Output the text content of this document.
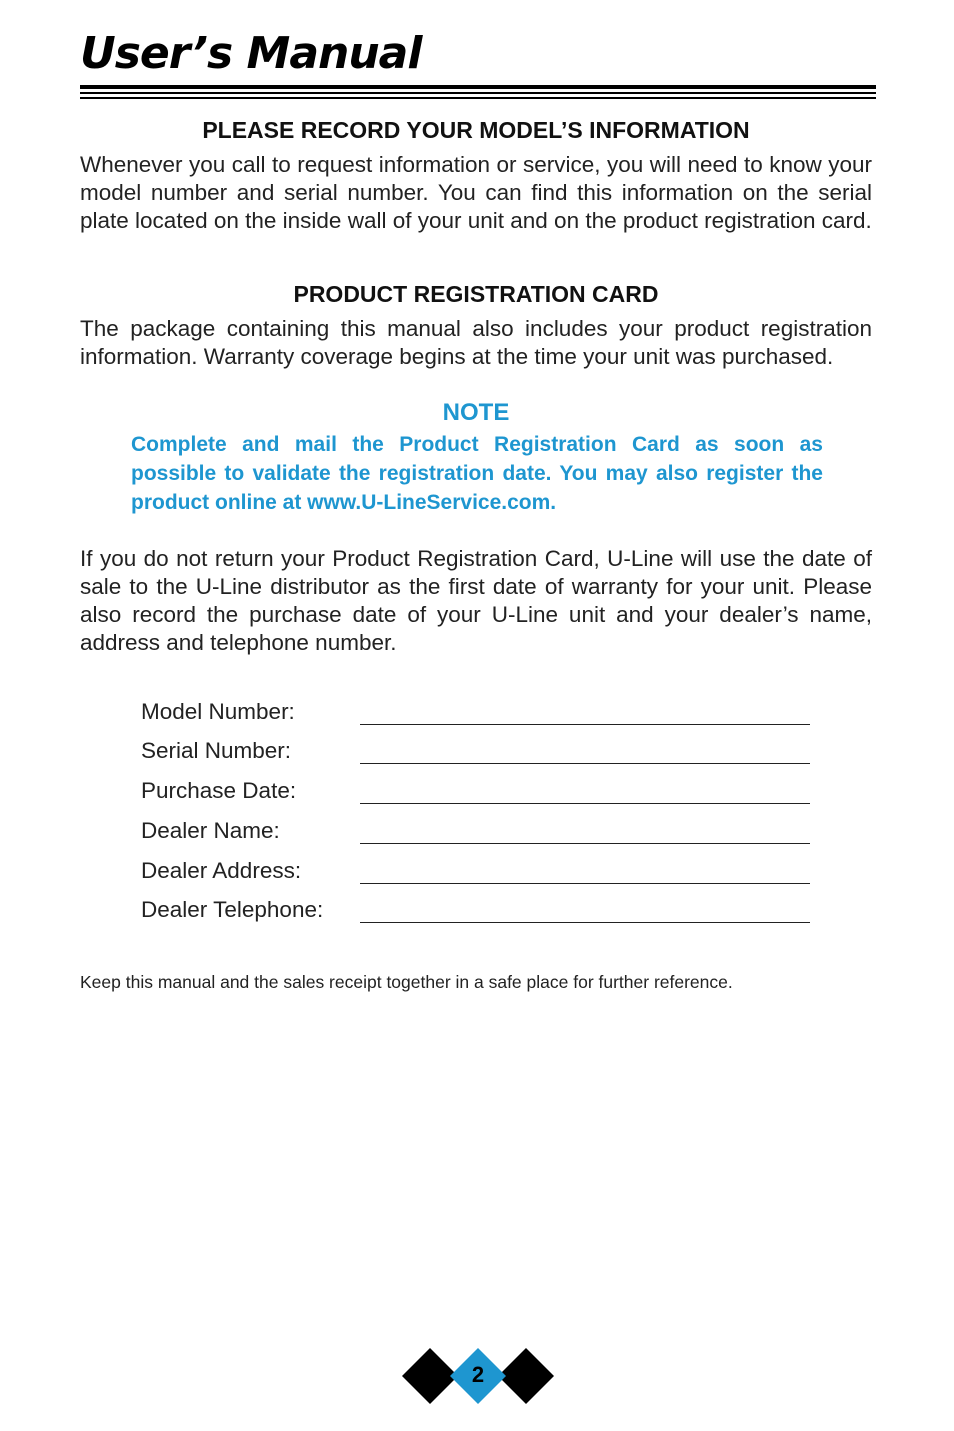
User’s Manual
PLEASE RECORD YOUR MODEL’S INFORMATION

Whenever you call to request information or service, you will need to know your model number and serial number. You can find this information on the serial plate located on the inside wall of your unit and on the product registration card.

PRODUCT REGISTRATION CARD

The package containing this manual also includes your product registration information. Warranty coverage begins at the time your unit was purchased.

NOTE

Complete and mail the Product Registration Card as soon as possible to validate the registration date. You may also register the product online at www.U-LineService.com.

If you do not return your Product Registration Card, U-Line will use the date of sale to the U-Line distributor as the first date of warranty for your unit. Please also record the purchase date of your U-Line unit and your dealer’s name, address and telephone number.

Model Number:
Serial Number:
Purchase Date:
Dealer Name:
Dealer Address:
Dealer Telephone:

Keep this manual and the sales receipt together in a safe place for further reference.

2
